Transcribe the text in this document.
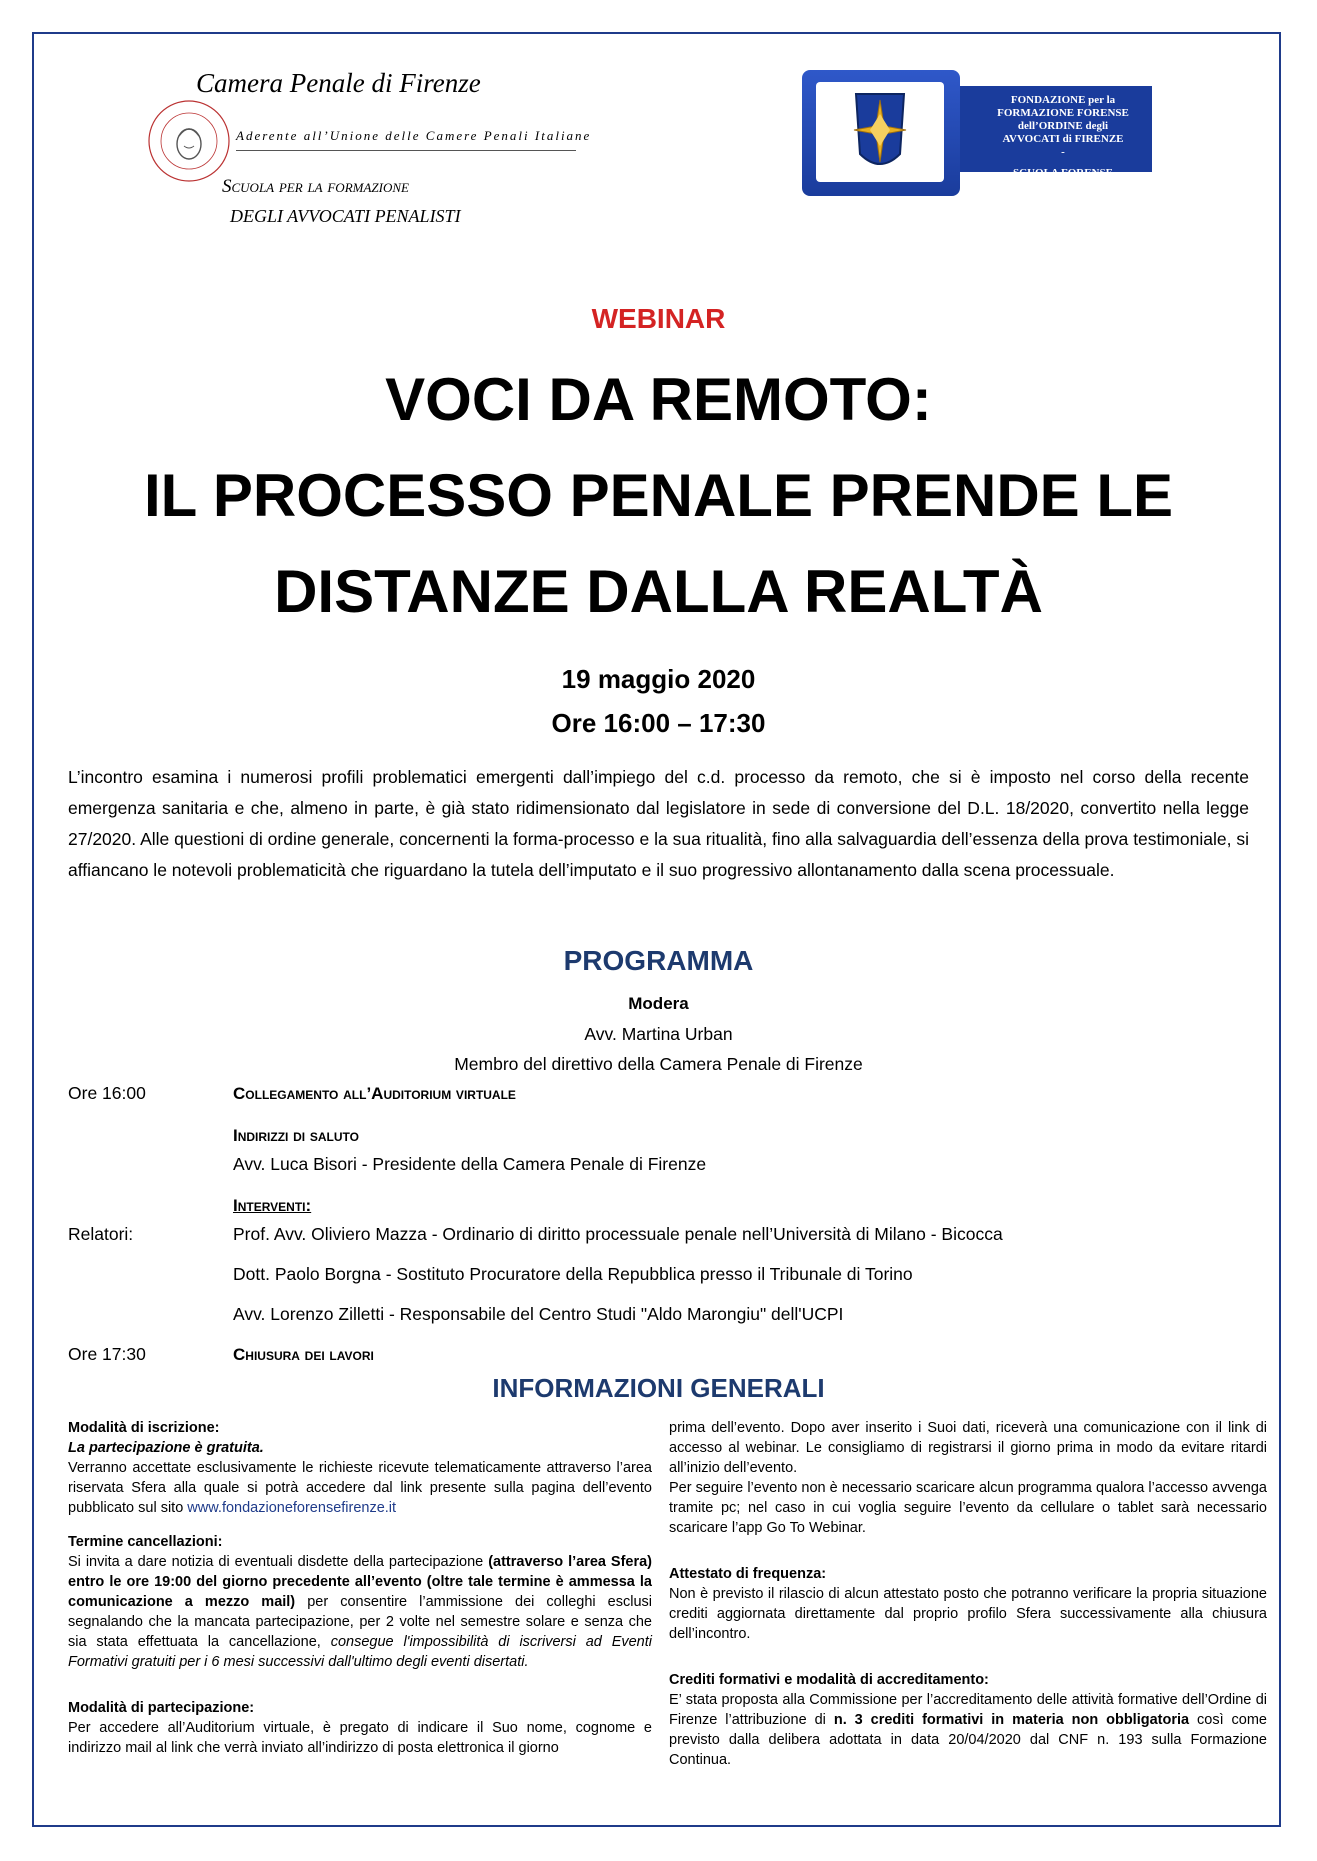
Camera Penale di Firenze
Aderente all’Unione delle Camere Penali Italiane
Scuola per la formazione
DEGLI AVVOCATI PENALISTI
FONDAZIONE per la
FORMAZIONE FORENSE
dell’ORDINE degli
AVVOCATI di FIRENZE
-
SCUOLA FORENSE
WEBINAR
VOCI DA REMOTO:
IL PROCESSO PENALE PRENDE LE
DISTANZE DALLA REALTÀ
19 maggio 2020
Ore 16:00 – 17:30
L’incontro esamina i numerosi profili problematici emergenti dall’impiego del c.d. processo da remoto, che si è imposto nel corso della recente emergenza sanitaria e che, almeno in parte, è già stato ridimensionato dal legislatore in sede di conversione del D.L. 18/2020, convertito nella legge 27/2020. Alle questioni di ordine generale, concernenti la forma-processo e la sua ritualità, fino alla salvaguardia dell’essenza della prova testimoniale, si affiancano le notevoli problematicità che riguardano la tutela dell’imputato e il suo progressivo allontanamento dalla scena processuale.
PROGRAMMA
Modera
Avv. Martina Urban
Membro del direttivo della Camera Penale di Firenze
Ore 16:00	Collegamento all’Auditorium virtuale
Indirizzi di saluto
Avv. Luca Bisori - Presidente della Camera Penale di Firenze
Interventi:
Relatori:	Prof. Avv. Oliviero Mazza - Ordinario di diritto processuale penale nell’Università di Milano - Bicocca
Dott. Paolo Borgna - Sostituto Procuratore della Repubblica presso il Tribunale di Torino
Avv. Lorenzo Zilletti - Responsabile del Centro Studi "Aldo Marongiu" dell'UCPI
Ore 17:30	Chiusura dei lavori
INFORMAZIONI GENERALI

Modalità di iscrizione:

La partecipazione è gratuita.

Verranno accettate esclusivamente le richieste ricevute telematicamente attraverso l’area riservata Sfera alla quale si potrà accedere dal link presente sulla pagina dell’evento pubblicato sul sito www.fondazioneforensefirenze.it

Termine cancellazioni:

Si invita a dare notizia di eventuali disdette della partecipazione (attraverso l’area Sfera) entro le ore 19:00 del giorno precedente all’evento (oltre tale termine è ammessa la comunicazione a mezzo mail) per consentire l’ammissione dei colleghi esclusi segnalando che la mancata partecipazione, per 2 volte nel semestre solare e senza che sia stata effettuata la cancellazione, consegue l'impossibilità di iscriversi ad Eventi Formativi gratuiti per i 6 mesi successivi dall'ultimo degli eventi disertati.

Modalità di partecipazione:

Per accedere all’Auditorium virtuale, è pregato di indicare il Suo nome, cognome e indirizzo mail al link che verrà inviato all’indirizzo di posta elettronica il giorno

prima dell’evento. Dopo aver inserito i Suoi dati, riceverà una comunicazione con il link di accesso al webinar. Le consigliamo di registrarsi il giorno prima in modo da evitare ritardi all’inizio dell’evento.

Per seguire l’evento non è necessario scaricare alcun programma qualora l’accesso avvenga tramite pc; nel caso in cui voglia seguire l’evento da cellulare o tablet sarà necessario scaricare l’app Go To Webinar.

Attestato di frequenza:

Non è previsto il rilascio di alcun attestato posto che potranno verificare la propria situazione crediti aggiornata direttamente dal proprio profilo Sfera successivamente alla chiusura dell’incontro.

Crediti formativi e modalità di accreditamento:

E’ stata proposta alla Commissione per l’accreditamento delle attività formative dell’Ordine di Firenze l’attribuzione di n. 3 crediti formativi in materia non obbligatoria così come previsto dalla delibera adottata in data 20/04/2020 dal CNF n. 193 sulla Formazione Continua.
